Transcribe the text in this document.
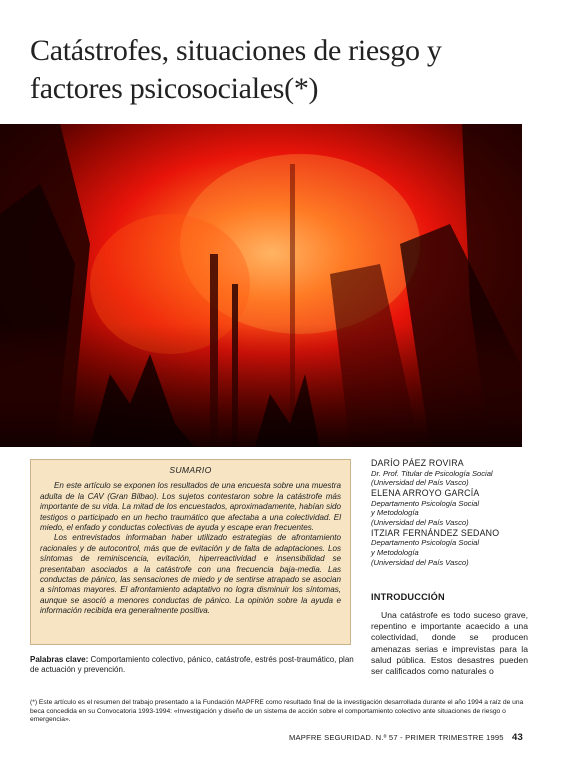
Catástrofes, situaciones de riesgo y factores psicosociales(*)
SUMARIO

En este artículo se exponen los resultados de una encuesta sobre una muestra adulta de la CAV (Gran Bilbao). Los sujetos contestaron sobre la catástrofe más importante de su vida. La mitad de los encuestados, aproximadamente, habían sido testigos o participado en un hecho traumático que afectaba a una colectividad. El miedo, el enfado y conductas colectivas de ayuda y escape eran frecuentes.

Los entrevistados informaban haber utilizado estrategias de afrontamiento racionales y de autocontrol, más que de evitación y de falta de adaptaciones. Los síntomas de reminiscencia, evitación, hiperreactividad e insensibilidad se presentaban asociados a la catástrofe con una frecuencia baja-media. Las conductas de pánico, las sensaciones de miedo y de sentirse atrapado se asocian a síntomas mayores. El afrontamiento adaptativo no logra disminuir los síntomas, aunque se asoció a menores conductas de pánico. La opinión sobre la ayuda e información recibida era generalmente positiva.

Palabras clave: Comportamiento colectivo, pánico, catástrofe, estrés post-traumático, plan de actuación y prevención.

DARÍO PÁEZ ROVIRA
Dr. Prof. Titular de Psicología Social
(Universidad del País Vasco)
ELENA ARROYO GARCÍA
Departamento Psicología Social
y Metodología
(Universidad del País Vasco)
ITZIAR FERNÁNDEZ SEDANO
Departamento Psicología Social
y Metodología
(Universidad del País Vasco)
INTRODUCCIÓN

Una catástrofe es todo suceso grave, repentino e importante acaecido a una colectividad, donde se producen amenazas serias e imprevistas para la salud pública. Estos desastres pueden ser calificados como naturales o

(*) Este artículo es el resumen del trabajo presentado a la Fundación MAPFRE como resultado final de la investigación desarrollada durante el año 1994 a raíz de una beca concedida en su Convocatoria 1993-1994: «Investigación y diseño de un sistema de acción sobre el comportamiento colectivo ante situaciones de riesgo o emergencia».

MAPFRE SEGURIDAD. N.º 57 - PRIMER TRIMESTRE 1995 43
